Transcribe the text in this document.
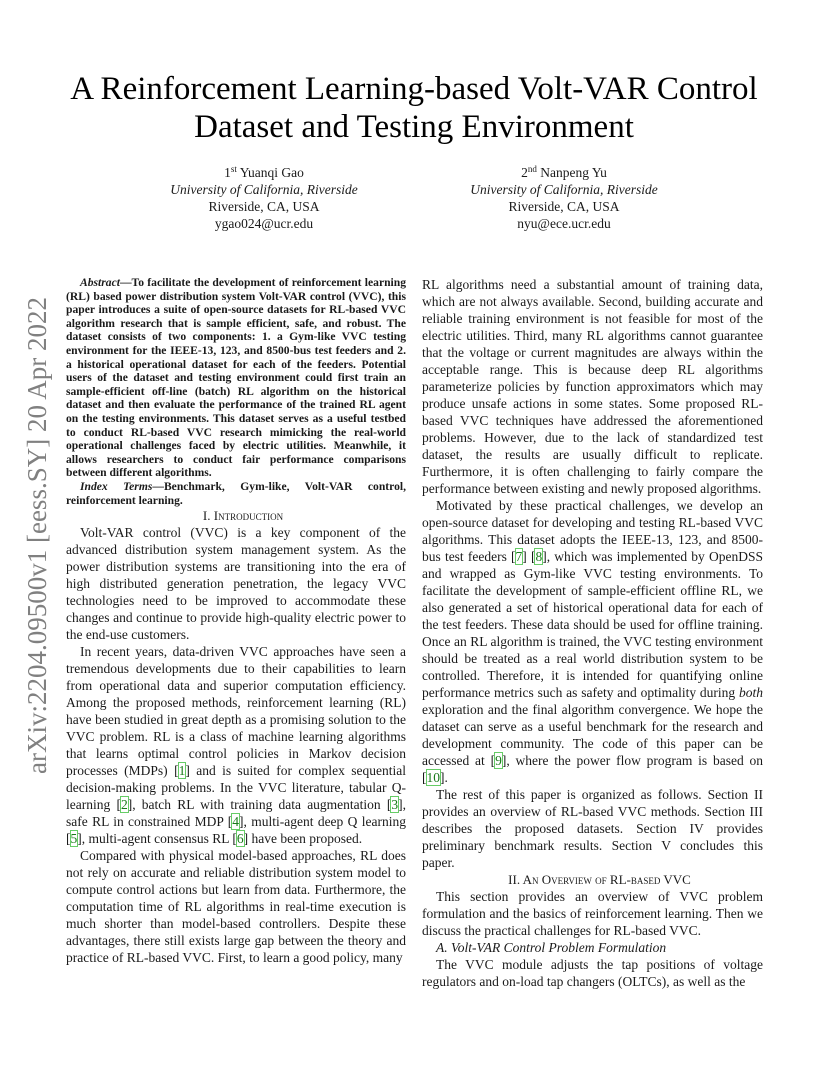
arXiv:2204.09500v1 [eess.SY] 20 Apr 2022
A Reinforcement Learning-based Volt-VAR Control
Dataset and Testing Environment
1st Yuanqi Gao
University of California, Riverside
Riverside, CA, USA
ygao024@ucr.edu
2nd Nanpeng Yu
University of California, Riverside
Riverside, CA, USA
nyu@ece.ucr.edu

Abstract—To facilitate the development of reinforcement learning (RL) based power distribution system Volt-VAR control (VVC), this paper introduces a suite of open-source datasets for RL-based VVC algorithm research that is sample efficient, safe, and robust. The dataset consists of two components: 1. a Gym-like VVC testing environment for the IEEE-13, 123, and 8500-bus test feeders and 2. a historical operational dataset for each of the feeders. Potential users of the dataset and testing environment could first train an sample-efficient off-line (batch) RL algorithm on the historical dataset and then evaluate the performance of the trained RL agent on the testing environments. This dataset serves as a useful testbed to conduct RL-based VVC research mimicking the real-world operational challenges faced by electric utilities. Meanwhile, it allows researchers to conduct fair performance comparisons between different algorithms.

Index Terms—Benchmark, Gym-like, Volt-VAR control, reinforcement learning.

I. Introduction

Volt-VAR control (VVC) is a key component of the advanced distribution system management system. As the power distribution systems are transitioning into the era of high distributed generation penetration, the legacy VVC technologies need to be improved to accommodate these changes and continue to provide high-quality electric power to the end-use customers.

In recent years, data-driven VVC approaches have seen a tremendous developments due to their capabilities to learn from operational data and superior computation efficiency. Among the proposed methods, reinforcement learning (RL) have been studied in great depth as a promising solution to the VVC problem. RL is a class of machine learning algorithms that learns optimal control policies in Markov decision processes (MDPs) [ 1 ] and is suited for complex sequential decision-making problems. In the VVC literature, tabular Q-learning [ 2 ] , batch RL with training data augmentation [ 3 ] , safe RL in constrained MDP [ 4 ] , multi-agent deep Q learning [ 5 ] , multi-agent consensus RL [ 6 ] have been proposed.

Compared with physical model-based approaches, RL does not rely on accurate and reliable distribution system model to compute control actions but learn from data. Furthermore, the computation time of RL algorithms in real-time execution is much shorter than model-based controllers. Despite these advantages, there still exists large gap between the theory and practice of RL-based VVC. First, to learn a good policy, many

RL algorithms need a substantial amount of training data, which are not always available. Second, building accurate and reliable training environment is not feasible for most of the electric utilities. Third, many RL algorithms cannot guarantee that the voltage or current magnitudes are always within the acceptable range. This is because deep RL algorithms parameterize policies by function approximators which may produce unsafe actions in some states. Some proposed RL-based VVC techniques have addressed the aforementioned problems. However, due to the lack of standardized test dataset, the results are usually difficult to replicate. Furthermore, it is often challenging to fairly compare the performance between existing and newly proposed algorithms.

Motivated by these practical challenges, we develop an open-source dataset for developing and testing RL-based VVC algorithms. This dataset adopts the IEEE-13, 123, and 8500-bus test feeders [ 7 ] [ 8 ] , which was implemented by OpenDSS and wrapped as Gym-like VVC testing environments. To facilitate the development of sample-efficient offline RL, we also generated a set of historical operational data for each of the test feeders. These data should be used for offline training. Once an RL algorithm is trained, the VVC testing environment should be treated as a real world distribution system to be controlled. Therefore, it is intended for quantifying online performance metrics such as safety and optimality during both exploration and the final algorithm convergence. We hope the dataset can serve as a useful benchmark for the research and development community. The code of this paper can be accessed at [ 9 ] , where the power flow program is based on [ 10 ] .

The rest of this paper is organized as follows. Section II provides an overview of RL-based VVC methods. Section III describes the proposed datasets. Section IV provides preliminary benchmark results. Section V concludes this paper.

II. An Overview of RL-based VVC

This section provides an overview of VVC problem formulation and the basics of reinforcement learning. Then we discuss the practical challenges for RL-based VVC.

A. Volt-VAR Control Problem Formulation

The VVC module adjusts the tap positions of voltage regulators and on-load tap changers (OLTCs), as well as the
